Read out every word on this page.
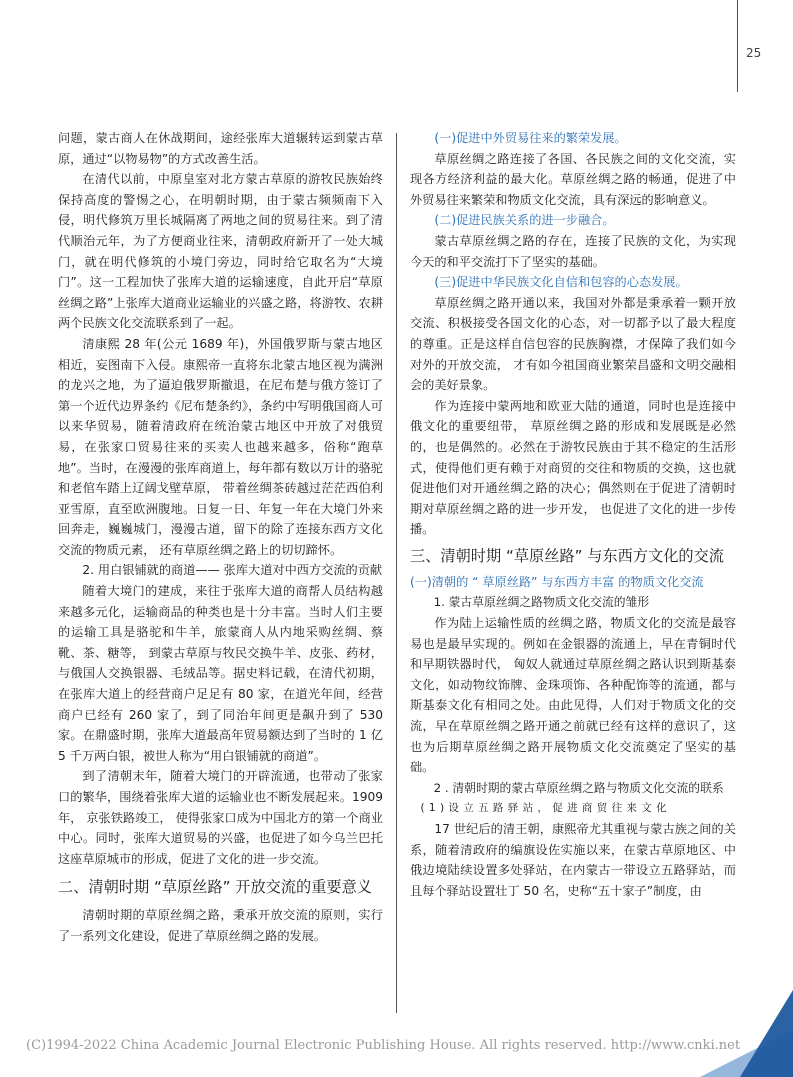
25

问题，蒙古商人在休战期间，途经张库大道辗转运到蒙古草原，通过“以物易物”的方式改善生活。

在清代以前，中原皇室对北方蒙古草原的游牧民族始终保持高度的警惕之心，在明朝时期，由于蒙古频频南下入侵，明代修筑万里长城隔离了两地之间的贸易往来。到了清代顺治元年，为了方便商业往来，清朝政府新开了一处大城门，就在明代修筑的小境门旁边，同时给它取名为“大境门”。这一工程加快了张库大道的运输速度，自此开启“草原丝绸之路”上张库大道商业运输业的兴盛之路，将游牧、农耕两个民族文化交流联系到了一起。

清康熙 28 年(公元 1689 年)，外国俄罗斯与蒙古地区相近，妄图南下入侵。康熙帝一直将东北蒙古地区视为满洲的龙兴之地，为了逼迫俄罗斯撤退，在尼布楚与俄方签订了第一个近代边界条约《尼布楚条约》，条约中写明俄国商人可以来华贸易，随着清政府在统治蒙古地区中开放了对俄贸易，在张家口贸易往来的买卖人也越来越多，俗称“跑草地”。当时，在漫漫的张库商道上，每年都有数以万计的骆驼和老倌车踏上辽阔戈壁草原， 带着丝绸茶砖越过茫茫西伯利亚雪原，直至欧洲腹地。日复一日、年复一年在大境门外来回奔走，巍巍城门，漫漫古道，留下的除了连接东西方文化交流的物质元素， 还有草原丝绸之路上的切切蹄怀。

2. 用白银铺就的商道—— 张库大道对中西方交流的贡献

随着大境门的建成，来往于张库大道的商帮人员结构越来越多元化，运输商品的种类也是十分丰富。当时人们主要的运输工具是骆驼和牛羊，旅蒙商人从内地采购丝绸、蔡靴、茶、糖等， 到蒙古草原与牧民交换牛羊、皮张、药材，与俄国人交换银器、毛绒品等。据史料记载，在清代初期，在张库大道上的经营商户足足有 80 家，在道光年间，经营商户已经有 260 家了，到了同治年间更是飙升到了 530 家。在鼎盛时期，张库大道最高年贸易额达到了当时的 1 亿 5 千万两白银，被世人称为“用白银铺就的商道”。

到了清朝末年，随着大境门的开辟流通，也带动了张家口的繁华，围绕着张库大道的运输业也不断发展起来。1909 年， 京张铁路竣工， 使得张家口成为中国北方的第一个商业中心。同时，张库大道贸易的兴盛，也促进了如今乌兰巴托这座草原城市的形成，促进了文化的进一步交流。

二、清朝时期 “草原丝路” 开放交流的重要意义

清朝时期的草原丝绸之路，秉承开放交流的原则，实行了一系列文化建设，促进了草原丝绸之路的发展。

(一)促进中外贸易往来的繁荣发展。

草原丝绸之路连接了各国、各民族之间的文化交流，实现各方经济利益的最大化。草原丝绸之路的畅通，促进了中外贸易往来繁荣和物质文化交流，具有深远的影响意义。

(二)促进民族关系的进一步融合。

蒙古草原丝绸之路的存在，连接了民族的文化，为实现今天的和平交流打下了坚实的基础。

(三)促进中华民族文化自信和包容的心态发展。

草原丝绸之路开通以来，我国对外都是秉承着一颗开放交流、积极接受各国文化的心态，对一切都予以了最大程度的尊重。正是这样自信包容的民族胸襟，才保障了我们如今对外的开放交流， 才有如今祖国商业繁荣昌盛和文明交融相会的美好景象。

作为连接中蒙两地和欧亚大陆的通道，同时也是连接中俄文化的重要纽带， 草原丝绸之路的形成和发展既是必然的，也是偶然的。必然在于游牧民族由于其不稳定的生活形式，使得他们更有赖于对商贸的交往和物质的交换，这也就促进他们对开通丝绸之路的决心；偶然则在于促进了清朝时期对草原丝绸之路的进一步开发， 也促进了文化的进一步传播。

三、清朝时期 “草原丝路” 与东西方文化的交流

(一)清朝的 “ 草原丝路” 与东西方丰富 的物质文化交流

1. 蒙古草原丝绸之路物质文化交流的雏形

作为陆上运输性质的丝绸之路，物质文化的交流是最容易也是最早实现的。例如在金银器的流通上，早在青铜时代和早期铁器时代， 匈奴人就通过草原丝绸之路认识到斯基泰文化，如动物纹饰牌、金珠项饰、各种配饰等的流通，都与斯基泰文化有相同之处。由此见得，人们对于物质文化的交流，早在草原丝绸之路开通之前就已经有这样的意识了，这也为后期草原丝绸之路开展物质文化交流奠定了坚实的基础。

2 . 清朝时期的蒙古草原丝绸之路与物质文化交流的联系

( 1 ) 设 立 五 路 驿 站 ， 促 进 商 贸 往 来 文 化

17 世纪后的清王朝，康熙帝尤其重视与蒙古族之间的关系，随着清政府的编旗设佐实施以来，在蒙古草原地区、中俄边境陆续设置多处驿站，在内蒙古一带设立五路驿站，而且每个驿站设置壮丁 50 名，史称“五十家子”制度，由

(C)1994-2022 China Academic Journal Electronic Publishing House. All rights reserved. http://www.cnki.net
